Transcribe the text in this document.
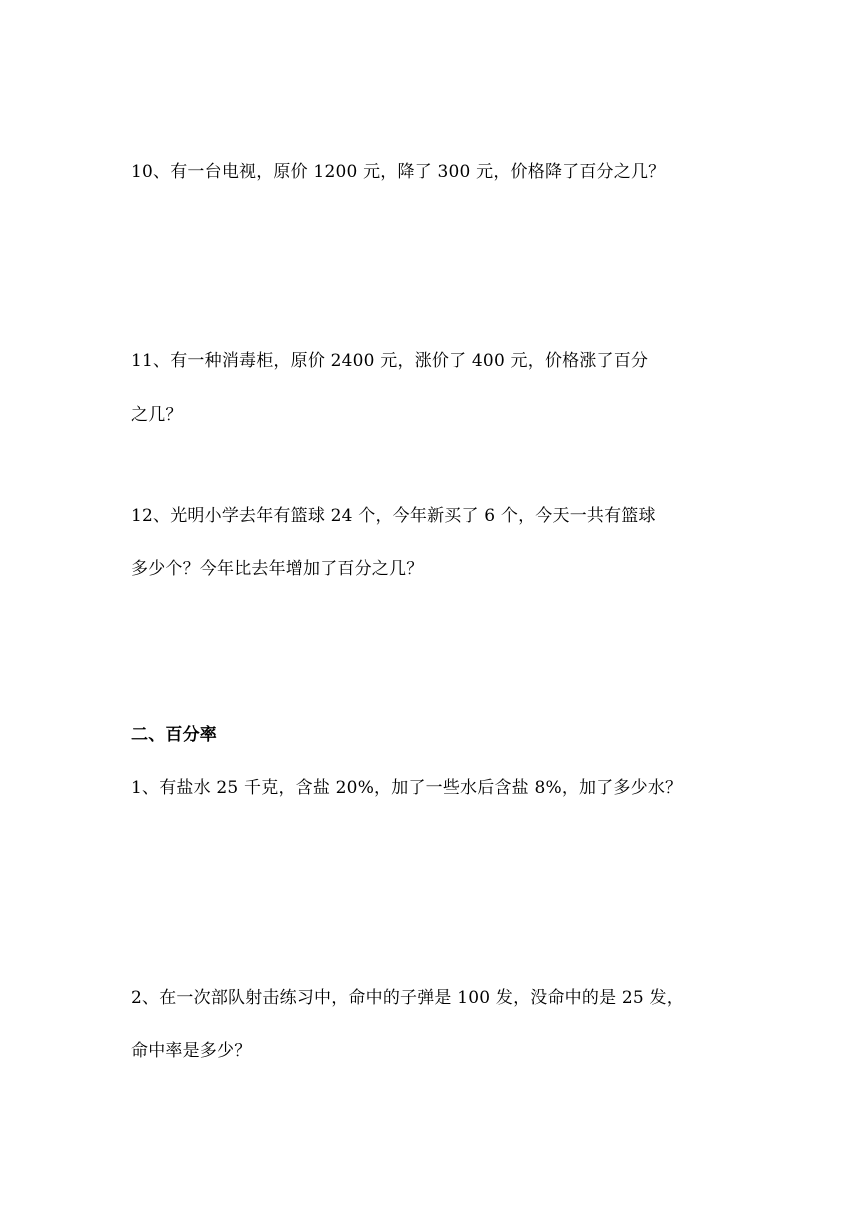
10、有一台电视，原价 1200 元，降了 300 元，价格降了百分之几？
11、有一种消毒柜，原价 2400 元，涨价了 400 元，价格涨了百分
之几？
12、光明小学去年有篮球 24 个，今年新买了 6 个，今天一共有篮球
多少个？今年比去年增加了百分之几？
二、百分率
1、有盐水 25 千克，含盐 20%，加了一些水后含盐 8%，加了多少水？
2、在一次部队射击练习中，命中的子弹是 100 发，没命中的是 25 发，
命中率是多少？
